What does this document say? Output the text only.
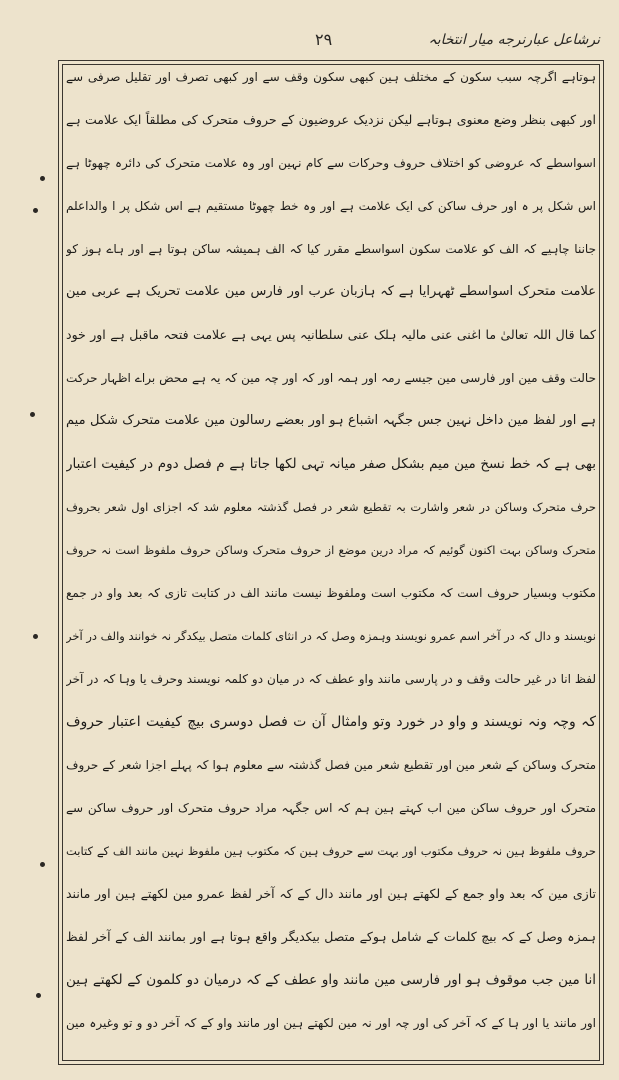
نرشاعل عبارنرجه میار انتخابہ
۲۹
ہوتاہے اگرچہ سبب سکون کے مختلف ہین کبھی سکون وقف سے اور کبھی تصرف اور تقلیل صرفی سے
اور کبھی بنظر وضع معنوی ہوتاہے لیکن نزدیک عروضیون کے حروف متحرک کی مطلقاً ایک علامت ہے
اسواسطے کہ عروضی کو اختلاف حروف وحرکات سے کام نہین اور وہ علامت متحرک کی دائرہ چھوٹا ہے
اس شکل پر ہ اور حرف ساکن کی ایک علامت ہے اور وہ خط چھوٹا مستقیم ہے اس شکل پر ا والداعلم
جاننا چاہیے کہ الف کو علامت سکون اسواسطے مقرر کیا کہ الف ہمیشہ ساکن ہوتا ہے اور ہاے ہوز کو
علامت متحرک اسواسطے ٹھہرایا ہے کہ ہازبان عرب اور فارس مین علامت تحریک ہے عربی مین
کما قال اللہ تعالیٰ ما اغنی عنی مالیہ ہلک عنی سلطانیہ پس یہی ہے علامت فتحہ ماقبل ہے اور خود
حالت وقف مین اور فارسی مین جیسے رمہ اور ہمہ اور کہ اور چہ مین کہ یہ ہے محض براے اظہار حرکت
ہے اور لفظ مین داخل نہین جس جگہہ اشباع ہو اور بعضے رسالون مین علامت متحرک شکل میم
بھی ہے کہ خط نسخ مین میم بشکل صفر میانہ تہی لکھا جاتا ہے م فصل دوم در کیفیت اعتبار
حرف متحرک وساکن در شعر واشارت بہ تقطیع شعر در فصل گذشتہ معلوم شد کہ اجزای اول شعر بحروف
متحرک وساکن بہت اکنون گوئیم کہ مراد درین موضع از حروف متحرک وساکن حروف ملفوظ است نہ حروف
مکتوب وبسیار حروف است کہ مکتوب است وملفوظ نیست مانند الف در کتابت تازی کہ بعد واو در جمع
نویسند و دال کہ در آخر اسم عمرو نویسند وہمزہ وصل کہ در انثای کلمات متصل بیکدگر نہ خوانند والف در آخر
لفظ انا در غیر حالت وقف و در پارسی مانند واو عطف کہ در میان دو کلمہ نویسند وحرف یا وہا کہ در آخر
کہ وچہ ونہ نویسند و واو در خورد وتو وامثال آن ت فصل دوسری بیچ کیفیت اعتبار حروف
متحرک وساکن کے شعر مین اور تقطیع شعر مین فصل گذشتہ سے معلوم ہوا کہ پہلے اجزا شعر کے حروف
متحرک اور حروف ساکن مین اب کہتے ہین ہم کہ اس جگہہ مراد حروف متحرک اور حروف ساکن سے
حروف ملفوظ ہین نہ حروف مکتوب اور بہت سے حروف ہین کہ مکتوب ہین ملفوظ نہین مانند الف کے کتابت
تازی مین کہ بعد واو جمع کے لکھتے ہین اور مانند دال کے کہ آخر لفظ عمرو مین لکھتے ہین اور مانند
ہمزہ وصل کے کہ بیچ کلمات کے شامل ہوکے متصل بیکدیگر واقع ہوتا ہے اور بمانند الف کے آخر لفظ
انا مین جب موقوف ہو اور فارسی مین مانند واو عطف کے کہ درمیان دو کلمون کے لکھتے ہین
اور مانند یا اور ہا کے کہ آخر کی اور چہ اور نہ مین لکھتے ہین اور مانند واو کے کہ آخر دو و تو وغیرہ مین
